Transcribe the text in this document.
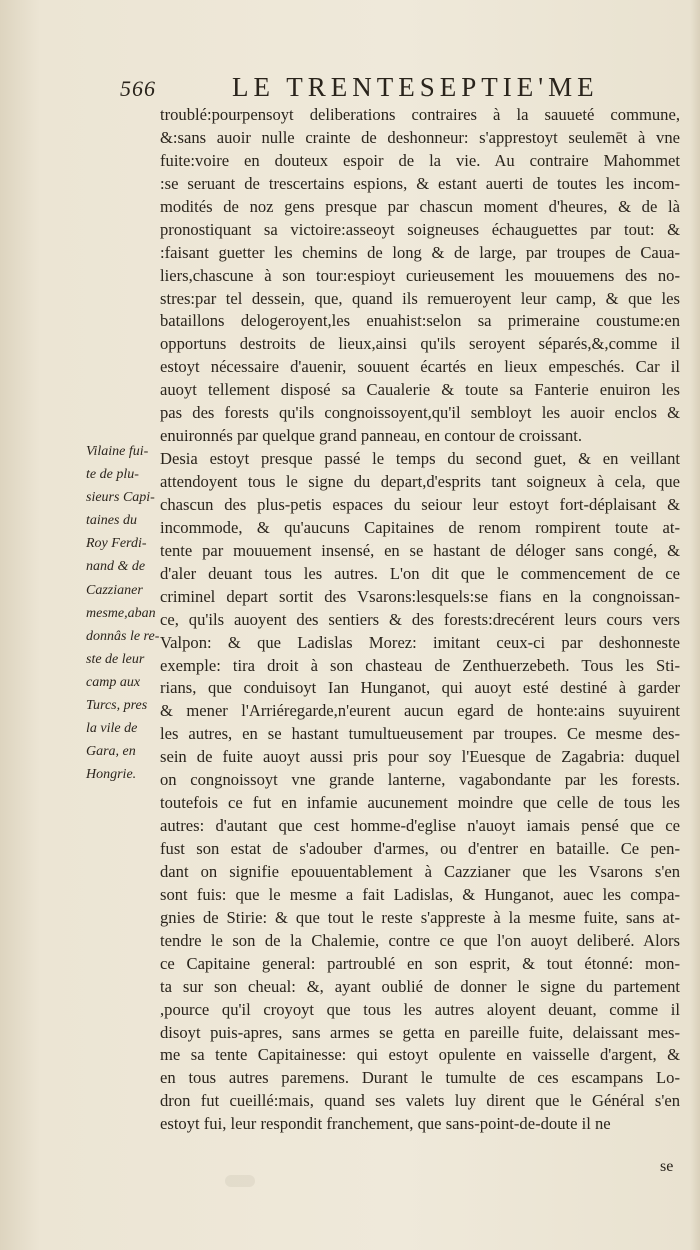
566	LE TRENTESEPTIE'ME
Vilaine fui-
te de plu-
sieurs Capi-
taines du
Roy Ferdi-
nand & de
Cazzianer
mesme,aban
donnâs le re-
ste de leur
camp aux
Turcs, pres
la vile de
Gara, en
Hongrie.
troublé:pourpensoyt deliberations contraires à la sauueté commune,
&:sans auoir nulle crainte de deshonneur: s'apprestoyt seulemēt à vne
fuite:voire en douteux espoir de la vie. Au contraire Mahommet
:se seruant de trescertains espions, & estant auerti de toutes les incom-
modités de noz gens presque par chascun moment d'heures, & de là
pronostiquant sa victoire:asseoyt soigneuses échauguettes par tout: &
:faisant guetter les chemins de long & de large, par troupes de Caua-
liers,chascune à son tour:espioyt curieusement les mouuemens des no-
stres:par tel dessein, que, quand ils remueroyent leur camp, & que les
bataillons delogeroyent,les enuahist:selon sa primeraine coustume:en
opportuns destroits de lieux,ainsi qu'ils seroyent séparés,&,comme il
estoyt nécessaire d'auenir, souuent écartés en lieux empeschés. Car il
auoyt tellement disposé sa Caualerie & toute sa Fanterie enuiron les
pas des forests qu'ils congnoissoyent,qu'il sembloyt les auoir enclos &
enuironnés par quelque grand panneau, en contour de croissant.
Desia estoyt presque passé le temps du second guet, & en veillant
attendoyent tous le signe du depart,d'esprits tant soigneux à cela, que
chascun des plus-petis espaces du seiour leur estoyt fort-déplaisant &
incommode, & qu'aucuns Capitaines de renom rompirent toute at-
tente par mouuement insensé, en se hastant de déloger sans congé, &
d'aler deuant tous les autres. L'on dit que le commencement de ce
criminel depart sortit des Vsarons:lesquels:se fians en la congnoissan-
ce, qu'ils auoyent des sentiers & des forests:drecérent leurs cours vers
Valpon: & que Ladislas Morez: imitant ceux-ci par deshonneste
exemple: tira droit à son chasteau de Zenthuerzebeth. Tous les Sti-
rians, que conduisoyt Ian Hunganot, qui auoyt esté destiné à garder
& mener l'Arriéregarde,n'eurent aucun egard de honte:ains suyuirent
les autres, en se hastant tumultueusement par troupes. Ce mesme des-
sein de fuite auoyt aussi pris pour soy l'Euesque de Zagabria: duquel
on congnoissoyt vne grande lanterne, vagabondante par les forests.
toutefois ce fut en infamie aucunement moindre que celle de tous les
autres: d'autant que cest homme-d'eglise n'auoyt iamais pensé que ce
fust son estat de s'adouber d'armes, ou d'entrer en bataille. Ce pen-
dant on signifie epouuentablement à Cazzianer que les Vsarons s'en
sont fuis: que le mesme a fait Ladislas, & Hunganot, auec les compa-
gnies de Stirie: & que tout le reste s'apprestе à la mesme fuite, sans at-
tendre le son de la Chalemie, contre ce que l'on auoyt deliberé. Alors
ce Capitaine general: partroublé en son esprit, & tout étonné: mon-
ta sur son cheual: &, ayant oublié de donner le signe du partement
,pource qu'il croyoyt que tous les autres aloyent deuant, comme il
disoyt puis-apres, sans armes se getta en pareille fuite, delaissant mes-
me sa tente Capitainesse: qui estoyt opulente en vaisselle d'argent, &
en tous autres paremens. Durant le tumulte de ces escampans Lo-
dron fut cueillé:mais, quand ses valets luy dirent que le Général s'en
estoyt fui, leur respondit franchement, que sans-point-de-doute il ne
se
